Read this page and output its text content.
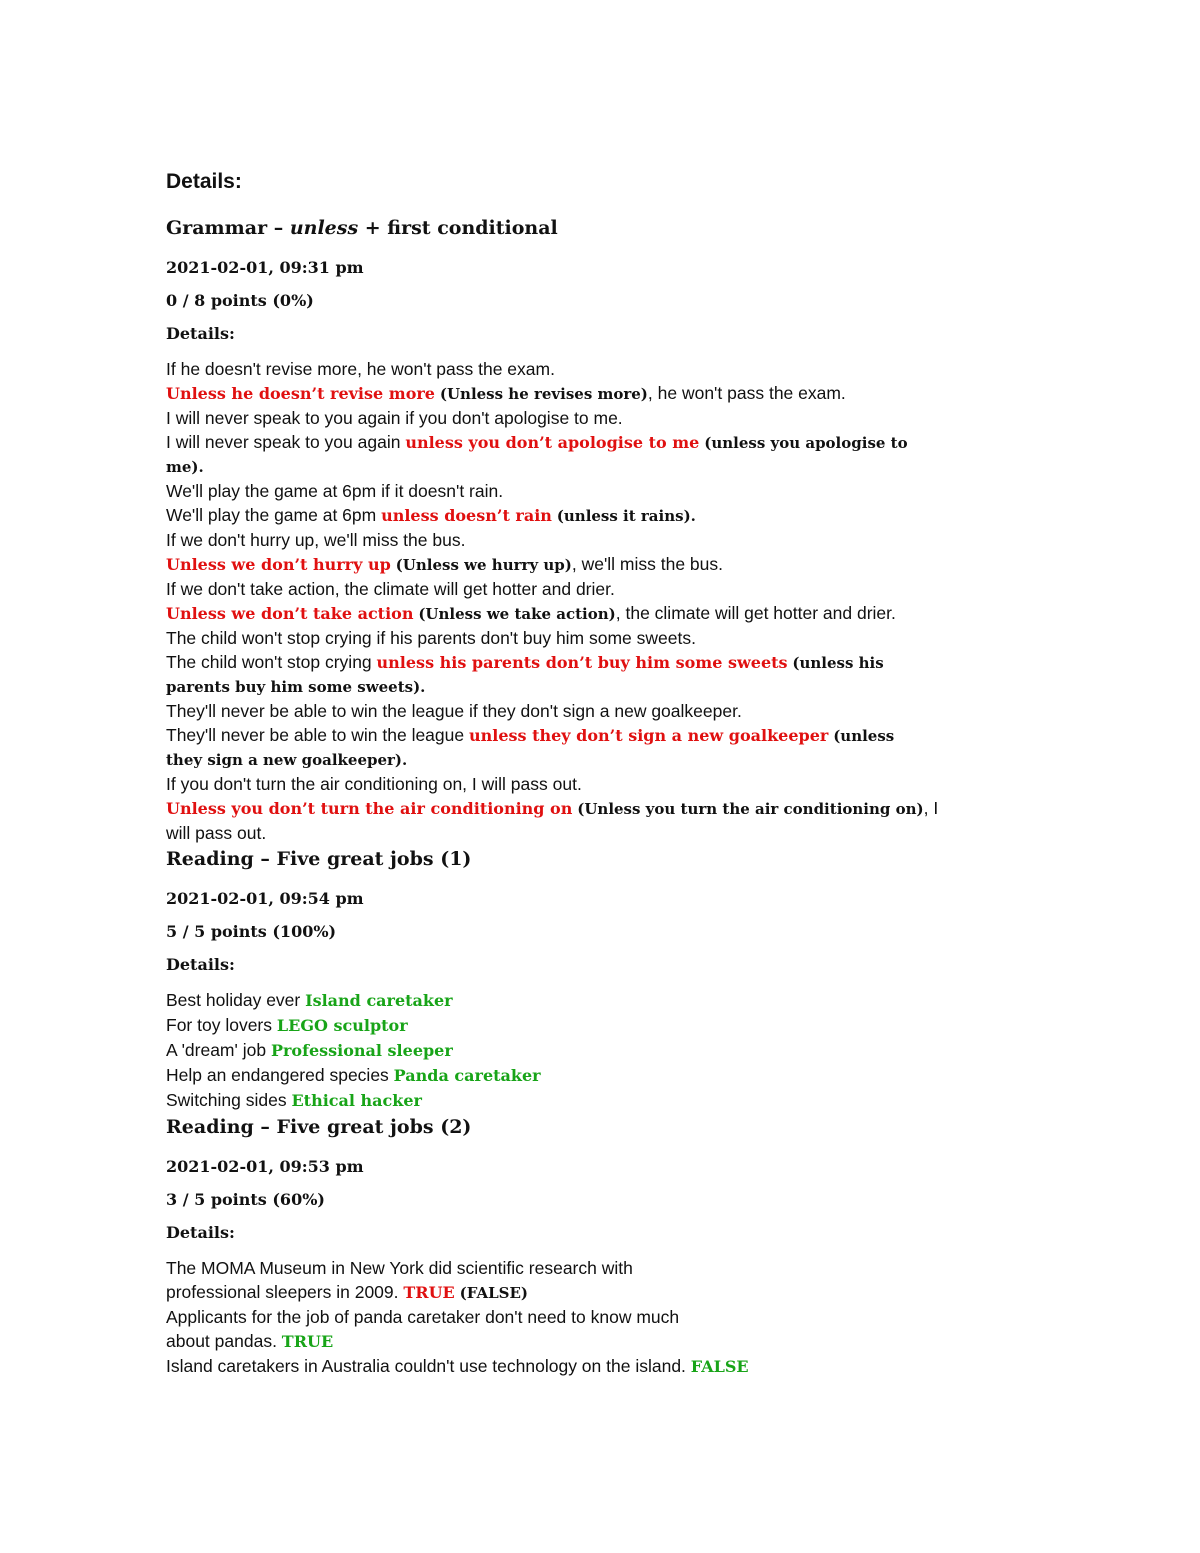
Details:
Grammar – unless + first conditional
2021-02-01, 09:31 pm
0 / 8 points (0%)
Details:
If he doesn't revise more, he won't pass the exam.
Unless he doesn’t revise more (Unless he revises more), he won't pass the exam.
I will never speak to you again if you don't apologise to me.
I will never speak to you again unless you don’t apologise to me (unless you apologise to
me).
We'll play the game at 6pm if it doesn't rain.
We'll play the game at 6pm unless doesn’t rain (unless it rains).
If we don't hurry up, we'll miss the bus.
Unless we don’t hurry up (Unless we hurry up), we'll miss the bus.
If we don't take action, the climate will get hotter and drier.
Unless we don’t take action (Unless we take action), the climate will get hotter and drier.
The child won't stop crying if his parents don't buy him some sweets.
The child won't stop crying unless his parents don’t buy him some sweets (unless his
parents buy him some sweets).
They'll never be able to win the league if they don't sign a new goalkeeper.
They'll never be able to win the league unless they don’t sign a new goalkeeper (unless
they sign a new goalkeeper).
If you don't turn the air conditioning on, I will pass out.
Unless you don’t turn the air conditioning on (Unless you turn the air conditioning on), I
will pass out.
Reading – Five great jobs (1)
2021-02-01, 09:54 pm
5 / 5 points (100%)
Details:
Best holiday ever Island caretaker
For toy lovers LEGO sculptor
A 'dream' job Professional sleeper
Help an endangered species Panda caretaker
Switching sides Ethical hacker
Reading – Five great jobs (2)
2021-02-01, 09:53 pm
3 / 5 points (60%)
Details:
The MOMA Museum in New York did scientific research with
professional sleepers in 2009. TRUE (FALSE)
Applicants for the job of panda caretaker don't need to know much
about pandas. TRUE
Island caretakers in Australia couldn't use technology on the island. FALSE
